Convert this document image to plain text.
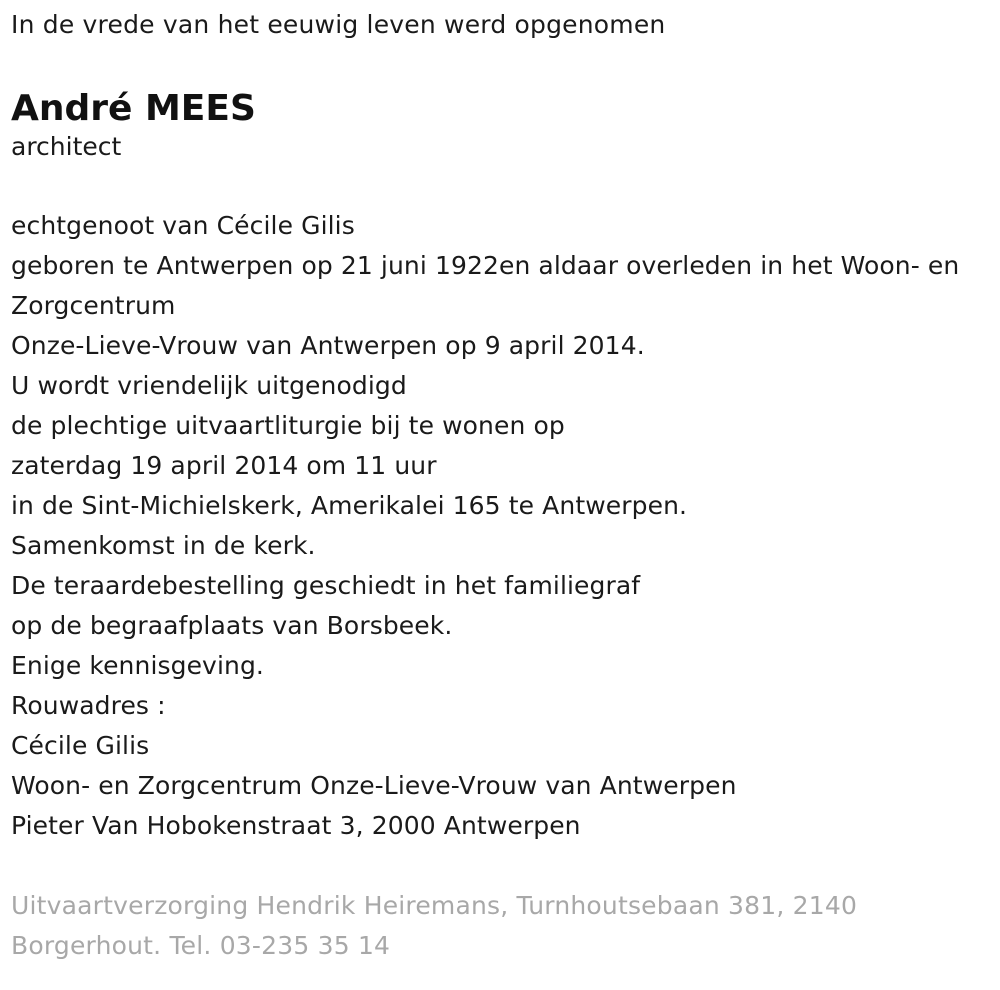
In de vrede van het eeuwig leven werd opgenomen

André MEES

architect

echtgenoot van Cécile Gilis
geboren te Antwerpen op 21 juni 1922en aldaar overleden in het Woon- en Zorgcentrum
Onze-Lieve-Vrouw van Antwerpen op 9 april 2014.
U wordt vriendelijk uitgenodigd
de plechtige uitvaartliturgie bij te wonen op
zaterdag 19 april 2014 om 11 uur
in de Sint-Michielskerk, Amerikalei 165 te Antwerpen.
Samenkomst in de kerk.
De teraardebestelling geschiedt in het familiegraf
op de begraafplaats van Borsbeek.
Enige kennisgeving.
Rouwadres :
Cécile Gilis
Woon- en Zorgcentrum Onze-Lieve-Vrouw van Antwerpen
Pieter Van Hobokenstraat 3, 2000 Antwerpen

Uitvaartverzorging Hendrik Heiremans, Turnhoutsebaan 381, 2140 Borgerhout. Tel. 03-235 35 14
